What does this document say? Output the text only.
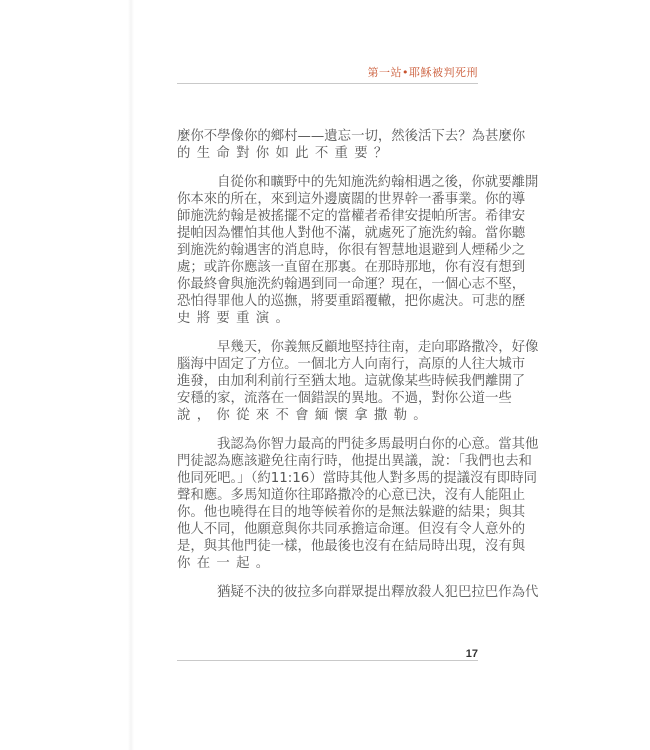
第一站•耶穌被判死刑
麼你不學像你的鄉村——遺忘一切，然後活下去？為甚麼你
的生命對你如此不重要？
自從你和曠野中的先知施洗約翰相遇之後，你就要離開
你本來的所在，來到這外邊廣闊的世界幹一番事業。你的導
師施洗約翰是被搖擺不定的當權者希律安提帕所害。希律安
提帕因為懼怕其他人對他不滿，就處死了施洗約翰。當你聽
到施洗約翰遇害的消息時，你很有智慧地退避到人煙稀少之
處；或許你應該一直留在那裏。在那時那地，你有沒有想到
你最終會與施洗約翰遇到同一命運？現在，一個心志不堅，
恐怕得罪他人的巡撫，將要重蹈覆轍，把你處決。可悲的歷
史將要重演。
早幾天，你義無反顧地堅持往南，走向耶路撒冷，好像
腦海中固定了方位。一個北方人向南行，高原的人往大城市
進發，由加利利前行至猶太地。這就像某些時候我們離開了
安穩的家，流落在一個錯誤的異地。不過，對你公道一些
說，你從來不會緬懷拿撒勒。
我認為你智力最高的門徒多馬最明白你的心意。當其他
門徒認為應該避免往南行時，他提出異議，說：「我們也去和
他同死吧。」（約11:16）當時其他人對多馬的提議沒有即時同
聲和應。多馬知道你往耶路撒冷的心意已決，沒有人能阻止
你。他也曉得在目的地等候着你的是無法躲避的結果；與其
他人不同，他願意與你共同承擔這命運。但沒有令人意外的
是，與其他門徒一樣，他最後也沒有在結局時出現，沒有與
你在一起。
猶疑不決的彼拉多向群眾提出釋放殺人犯巴拉巴作為代
17
